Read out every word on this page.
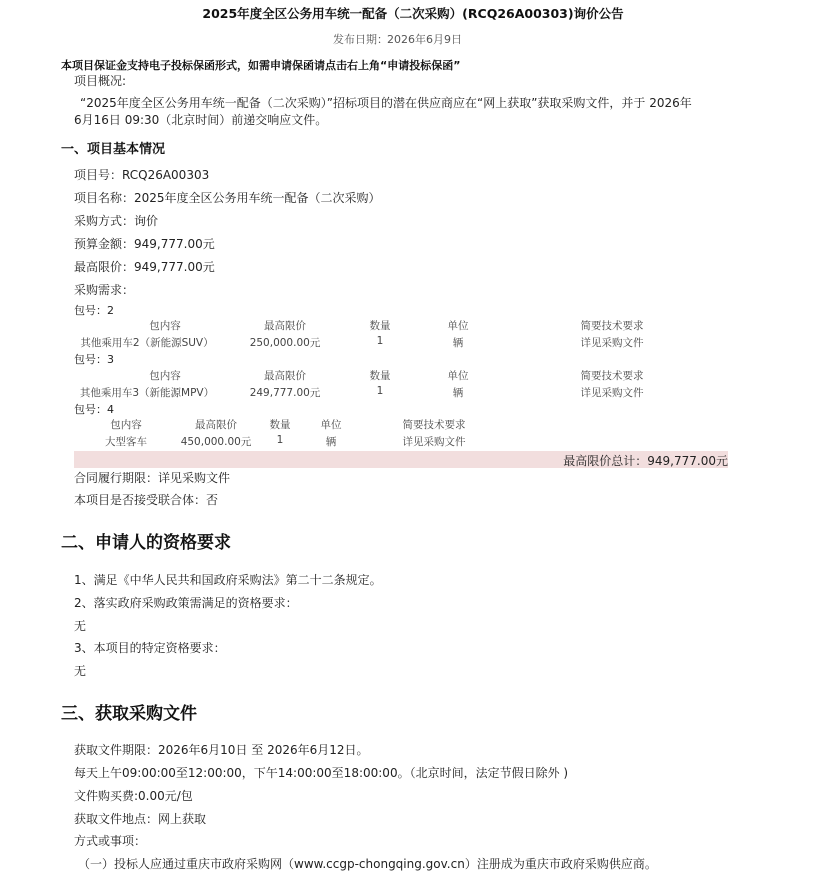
2025年度全区公务用车统一配备（二次采购）(RCQ26A00303)询价公告
发布日期： 2026年6月9日
本项目保证金支持电子投标保函形式，如需申请保函请点击右上角“申请投标保函”
项目概况:
“2025年度全区公务用车统一配备（二次采购）”招标项目的潜在供应商应在“网上获取”获取采购文件，并于 2026年
6月16日 09:30（北京时间）前递交响应文件。
一、项目基本情况
项目号：RCQ26A00303
项目名称：2025年度全区公务用车统一配备（二次采购）
采购方式：询价
预算金额：949,777.00元
最高限价：949,777.00元
采购需求：
包号：2
包内容	最高限价	数量	单位	简要技术要求
其他乘用车2（新能源SUV）	250,000.00元	1	辆	详见采购文件
包号：3
包内容	最高限价	数量	单位	简要技术要求
其他乘用车3（新能源MPV）	249,777.00元	1	辆	详见采购文件
包号：4
包内容	最高限价	数量	单位	简要技术要求
大型客车	450,000.00元	1	辆	详见采购文件
最高限价总计：949,777.00元
合同履行期限：详见采购文件
本项目是否接受联合体：否
二、申请人的资格要求
1、满足《中华人民共和国政府采购法》第二十二条规定。
2、落实政府采购政策需满足的资格要求：
无
3、本项目的特定资格要求：
无
三、获取采购文件
获取文件期限：2026年6月10日 至 2026年6月12日。
每天上午09:00:00至12:00:00，下午14:00:00至18:00:00。（北京时间，法定节假日除外 )
文件购买费:0.00元/包
获取文件地点：网上获取
方式或事项：
（一）投标人应通过重庆市政府采购网（www.ccgp-chongqing.gov.cn）注册成为重庆市政府采购供应商。
